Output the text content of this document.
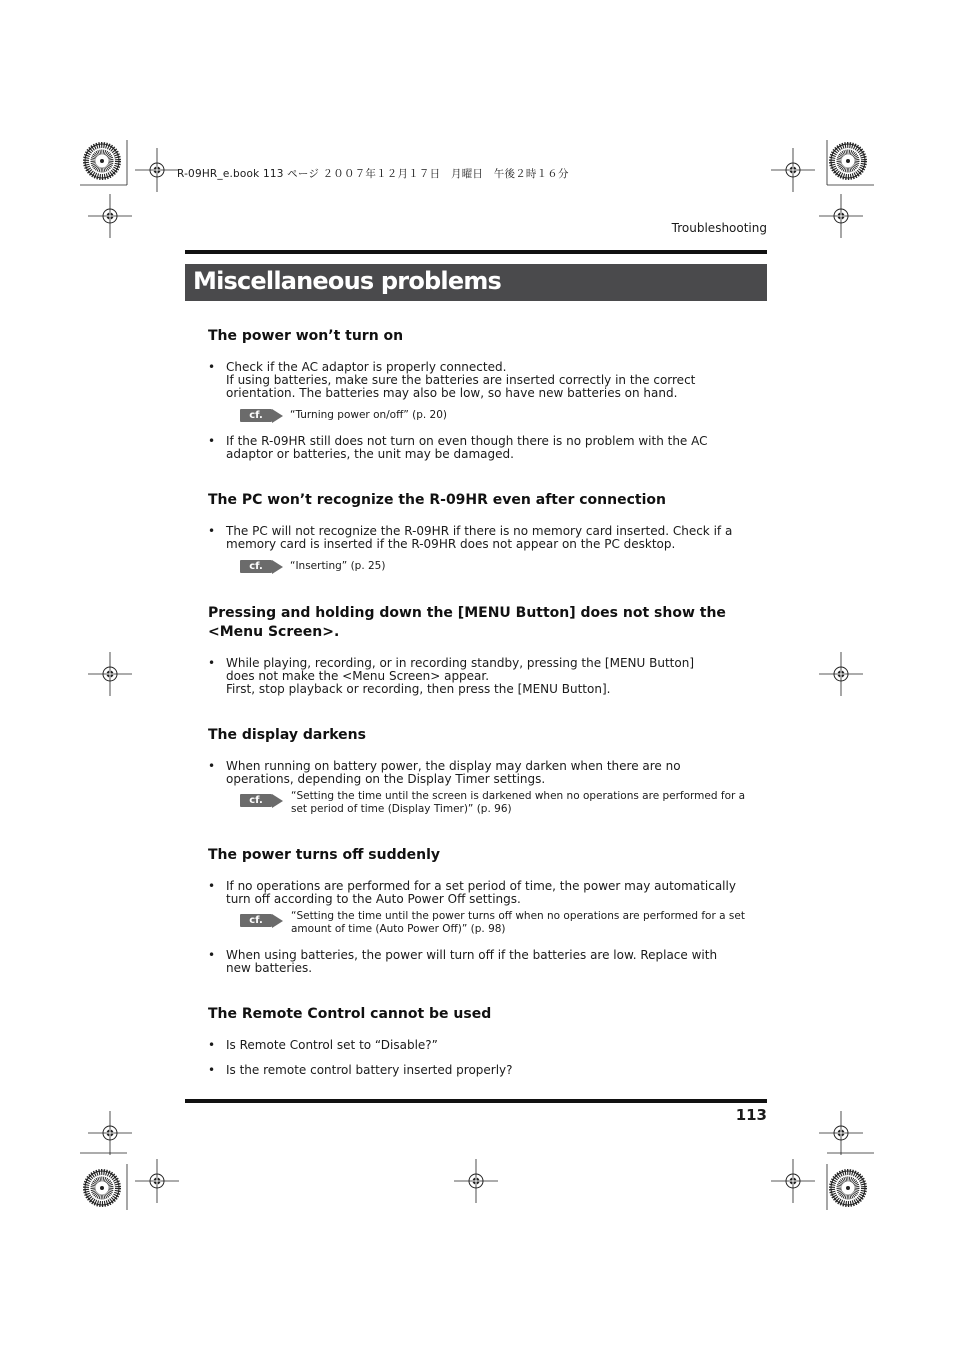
R-09HR_e.book 113 ページ ２００７年１２月１７日　月曜日　午後２時１６分
Troubleshooting
Miscellaneous problems
The power won’t turn on
• Check if the AC adaptor is properly connected.
If using batteries, make sure the batteries are inserted correctly in the correct orientation. The batteries may also be low, so have new batteries on hand.
cf.	“Turning power on/off” (p. 20)
• If the R-09HR still does not turn on even though there is no problem with the AC adaptor or batteries, the unit may be damaged.
The PC won’t recognize the R-09HR even after connection
• The PC will not recognize the R-09HR if there is no memory card inserted. Check if a memory card is inserted if the R-09HR does not appear on the PC desktop.
cf.	“Inserting” (p. 25)
Pressing and holding down the [MENU Button] does not show the <Menu Screen>.
• While playing, recording, or in recording standby, pressing the [MENU Button] does not make the <Menu Screen> appear.
First, stop playback or recording, then press the [MENU Button].
The display darkens
• When running on battery power, the display may darken when there are no operations, depending on the Display Timer settings.
cf.	“Setting the time until the screen is darkened when no operations are performed for a set period of time (Display Timer)” (p. 96)
The power turns off suddenly
• If no operations are performed for a set period of time, the power may automatically turn off according to the Auto Power Off settings.
cf.	“Setting the time until the power turns off when no operations are performed for a set amount of time (Auto Power Off)” (p. 98)
• When using batteries, the power will turn off if the batteries are low. Replace with new batteries.
The Remote Control cannot be used
• Is Remote Control set to “Disable?”
• Is the remote control battery inserted properly?
113
